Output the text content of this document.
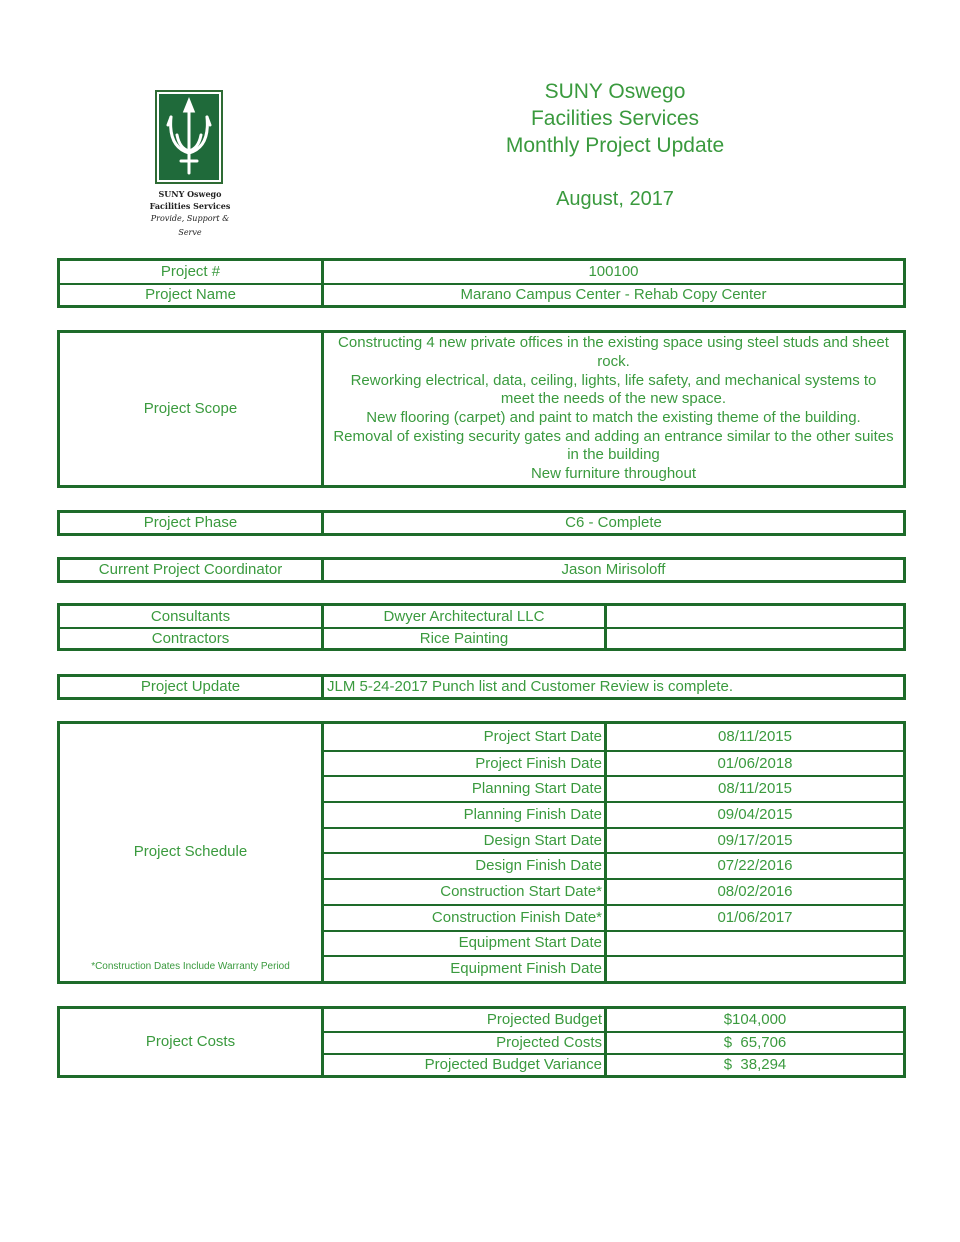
SUNY Oswego
Facilities Services
Provide, Support & Serve
SUNY Oswego
Facilities Services
Monthly Project Update
August, 2017
Project #	100100
Project Name	Marano Campus Center - Rehab Copy Center
Project Scope
Constructing 4 new private offices in the existing space using steel studs and sheet rock.
Reworking electrical, data, ceiling, lights, life safety, and mechanical systems to meet the needs of the new space.
New flooring (carpet) and paint to match the existing theme of the building.
Removal of existing security gates and adding an entrance similar to the other suites in the building
New furniture throughout
Project Phase	C6 - Complete
Current Project Coordinator	Jason Mirisoloff
Consultants	Dwyer Architectural LLC
Contractors	Rice Painting
Project Update	JLM 5-24-2017 Punch list and Customer Review is complete.
Project Schedule
*Construction Dates Include Warranty Period
Project Start Date	08/11/2015
Project Finish Date	01/06/2018
Planning Start Date	08/11/2015
Planning Finish Date	09/04/2015
Design Start Date	09/17/2015
Design Finish Date	07/22/2016
Construction Start Date*	08/02/2016
Construction Finish Date*	01/06/2017
Equipment Start Date
Equipment Finish Date
Project Costs
Projected Budget	$104,000
Projected Costs	$  65,706
Projected Budget Variance	$  38,294
